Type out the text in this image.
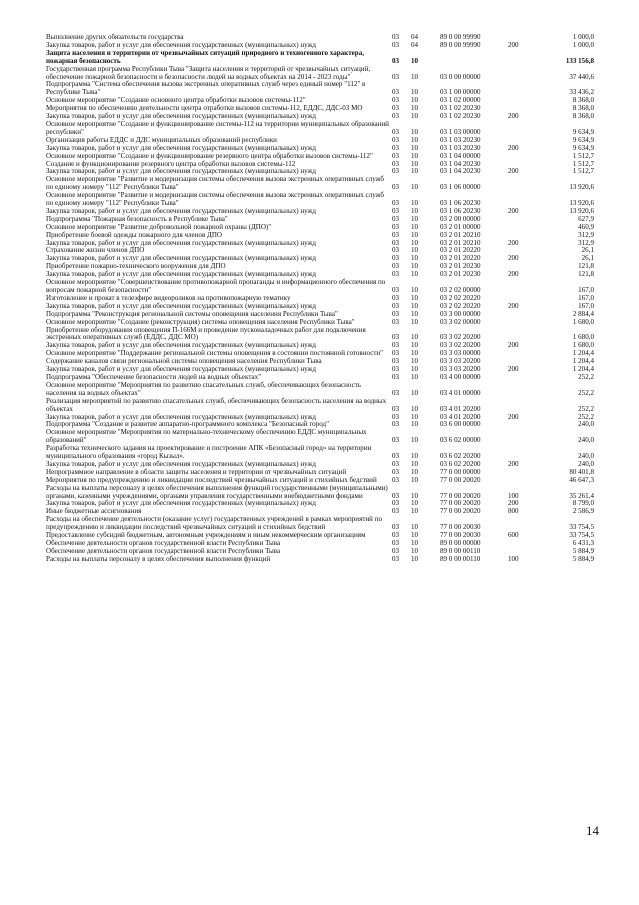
Выполнение других обязательств государства	03	04	89 0 00 99990		1 000,0
Закупка товаров, работ и услуг для обеспечения государственных (муниципальных) нужд	03	04	89 0 00 99990	200	1 000,0
Защита населения и территории от чрезвычайных ситуаций природного и техногенного характера, пожарная безопасность	03	10			133 156,8
Государственная программа Республики Тыва "Защита населения и территорий от чрезвычайных ситуаций, обеспечение пожарной безопасности и безопасности людей на водных объектах на 2014 - 2023 годы"	03	10	03 0 00 00000		37 440,6
Подпрограмма "Система обеспечения вызова экстренных оперативных служб через единый номер "112" в Республике Тыва"	03	10	03 1 00 00000		33 436,2
Основное мероприятие "Создание основного центра обработки вызовов системы-112"	03	10	03 1 02 00000		8 368,0
Мероприятия по обеспечению деятельности центра отработки вызовов системы-112, ЕДДС, ДДС-03 МО	03	10	03 1 02 20230		8 368,0
Закупка товаров, работ и услуг для обеспечения государственных (муниципальных) нужд	03	10	03 1 02 20230	200	8 368,0
Основное мероприятие "Создание и функционирование системы-112 на территории муниципальных образований республики"	03	10	03 1 03 00000		9 634,9
Организация работы ЕДДС и ДДС муниципальных образований республики	03	10	03 1 03 20230		9 634,9
Закупка товаров, работ и услуг для обеспечения государственных (муниципальных) нужд	03	10	03 1 03 20230	200	9 634,9
Основное мероприятие "Создание и функционирование резервного центра обработки вызовов системы-112"	03	10	03 1 04 00000		1 512,7
Создание и функционирование резервного центра обработки вызовов системы-112	03	10	03 1 04 20230		1 512,7
Закупка товаров, работ и услуг для обеспечения государственных (муниципальных) нужд	03	10	03 1 04 20230	200	1 512,7
Основное мероприятие "Развитие и модернизация системы обеспечения вызова экстренных оперативных служб по единому номеру "112" Республики Тыва"	03	10	03 1 06 00000		13 920,6
Основное мероприятие "Развитие и модернизация системы обеспечения вызова экстренных оперативных служб по единому номеру "112" Республики Тыва"	03	10	03 1 06 20230		13 920,6
Закупка товаров, работ и услуг для обеспечения государственных (муниципальных) нужд	03	10	03 1 06 20230	200	13 920,6
Подпрограмма "Пожарная безопасность в Республике Тыва"	03	10	03 2 00 00000		627,9
Основное мероприятие "Развитие добровольной пожарной охраны (ДПО)"	03	10	03 2 01 00000		460,9
Приобретение боевой одежды пожарного для членов ДПО	03	10	03 2 01 20210		312,9
Закупка товаров, работ и услуг для обеспечения государственных (муниципальных) нужд	03	10	03 2 01 20210	200	312,9
Страхование жизни членов ДПО	03	10	03 2 01 20220		26,1
Закупка товаров, работ и услуг для обеспечения государственных (муниципальных) нужд	03	10	03 2 01 20220	200	26,1
Приобретение пожарно-технического вооружения для ДПО	03	10	03 2 01 20230		121,8
Закупка товаров, работ и услуг для обеспечения государственных (муниципальных) нужд	03	10	03 2 01 20230	200	121,8
Основное мероприятие "Совершенствование противопожарной пропаганды и информационного обеспечения по вопросам пожарной безопасности"	03	10	03 2 02 00000		167,0
Изготовление и прокат в телеэфире видеороликов на противопожарную тематику	03	10	03 2 02 20220		167,0
Закупка товаров, работ и услуг для обеспечения государственных (муниципальных) нужд	03	10	03 2 02 20220	200	167,0
Подпрограмма "Реконструкция региональной системы оповещения населения Республики Тыва"	03	10	03 3 00 00000		2 884,4
Основное мероприятие "Создание (реконструкция) системы оповещения населения Республики Тыва"	03	10	03 3 02 00000		1 680,0
Приобретение оборудования оповещения П-166М и проведение пусконаладочных работ для подключения экстренных оперативных служб (ЕДДС, ДДС МО)	03	10	03 3 02 20200		1 680,0
Закупка товаров, работ и услуг для обеспечения государственных (муниципальных) нужд	03	10	03 3 02 20200	200	1 680,0
Основное мероприятие "Поддержание региональной системы оповещения в состоянии постоянной готовности"	03	10	03 3 03 00000		1 204,4
Содержание каналов связи региональной системы оповещения населения Республики Тыва	03	10	03 3 03 20200		1 204,4
Закупка товаров, работ и услуг для обеспечения государственных (муниципальных) нужд	03	10	03 3 03 20200	200	1 204,4
Подпрограмма "Обеспечение безопасности людей на водных объектах"	03	10	03 4 00 00000		252,2
Основное мероприятие "Мероприятия по развитию спасательных служб, обеспечивающих безопасность населения на водных объектах"	03	10	03 4 01 00000		252,2
Реализация мероприятий по развитию спасательных служб, обеспечивающих безопасность населения на водных объектах	03	10	03 4 01 20200		252,2
Закупка товаров, работ и услуг для обеспечения государственных (муниципальных) нужд	03	10	03 4 01 20200	200	252,2
Подпрограмма "Создание и развитие аппаратно-программного комплекса "Безопасный город"	03	10	03 6 00 00000		240,0
Основное мероприятие "Мероприятия по материально-техническому обеспечению ЕДДС муниципальных образований"	03	10	03 6 02 00000		240,0
Разработка технического задания на проектирование и построение АПК «Безопасный город» на территории муниципального образования «город Кызыл».	03	10	03 6 02 20200		240,0
Закупка товаров, работ и услуг для обеспечения государственных (муниципальных) нужд	03	10	03 6 02 20200	200	240,0
Непрограммное направление в области защиты населения и территории от чрезвычайных ситуаций	03	10	77 0 00 00000		80 401,8
Мероприятия по предупреждению и ликвидации последствий чрезвычайных ситуаций и стихийных бедствий	03	10	77 0 00 20020		46 647,3
Расходы на выплаты персоналу в целях обеспечения выполнения функций государственными (муниципальными) органами, казенными учреждениями, органами управления государственными внебюджетными фондами	03	10	77 0 00 20020	100	35 261,4
Закупка товаров, работ и услуг для обеспечения государственных (муниципальных) нужд	03	10	77 0 00 20020	200	8 799,0
Иные бюджетные ассигнования	03	10	77 0 00 20020	800	2 586,9
Расходы на обеспечение деятельности (оказание услуг) государственных учреждений в рамках мероприятий по предупреждению и ликвидации последствий чрезвычайных ситуаций и стихийных бедствий	03	10	77 0 00 20030		33 754,5
Предоставление субсидий бюджетным, автономным учреждениям и иным некоммерческим организациям	03	10	77 0 00 20030	600	33 754,5
Обеспечение деятельности органов государственной власти Республики Тыва	03	10	89 0 00 00000		6 431,3
Обеспечение деятельности органов государственной власти Республики Тыва	03	10	89 0 00 00110		5 884,9
Расходы на выплаты персоналу в целях обеспечения выполнения функций	03	10	89 0 00 00110	100	5 884,9
14
